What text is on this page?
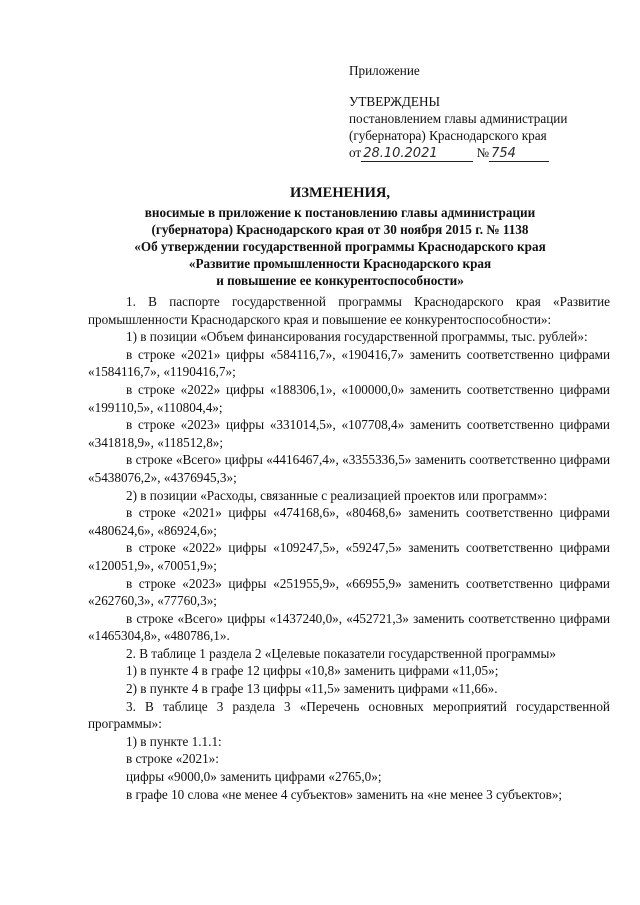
Приложение
УТВЕРЖДЕНЫ
постановлением главы администрации
(губернатора) Краснодарского края
от 28.10.2021	№ 754
ИЗМЕНЕНИЯ,
вносимые в приложение к постановлению главы администрации
(губернатора) Краснодарского края от 30 ноября 2015 г. № 1138
«Об утверждении государственной программы Краснодарского края
«Развитие промышленности Краснодарского края
и повышение ее конкурентоспособности»

1. В паспорте государственной программы Краснодарского края «Развитие промышленности Краснодарского края и повышение ее конкурентоспособности»:

1) в позиции «Объем финансирования государственной программы, тыс. рублей»:

в строке «2021» цифры «584116,7», «190416,7» заменить соответственно цифрами «1584116,7», «1190416,7»;

в строке «2022» цифры «188306,1», «100000,0» заменить соответственно цифрами «199110,5», «110804,4»;

в строке «2023» цифры «331014,5», «107708,4» заменить соответственно цифрами «341818,9», «118512,8»;

в строке «Всего» цифры «4416467,4», «3355336,5» заменить соответственно цифрами «5438076,2», «4376945,3»;

2) в позиции «Расходы, связанные с реализацией проектов или программ»:

в строке «2021» цифры «474168,6», «80468,6» заменить соответственно цифрами «480624,6», «86924,6»;

в строке «2022» цифры «109247,5», «59247,5» заменить соответственно цифрами «120051,9», «70051,9»;

в строке «2023» цифры «251955,9», «66955,9» заменить соответственно цифрами «262760,3», «77760,3»;

в строке «Всего» цифры «1437240,0», «452721,3» заменить соответственно цифрами «1465304,8», «480786,1».

2. В таблице 1 раздела 2 «Целевые показатели государственной программы»

1) в пункте 4 в графе 12 цифры «10,8» заменить цифрами «11,05»;

2) в пункте 4 в графе 13 цифры «11,5» заменить цифрами «11,66».

3. В таблице 3 раздела 3 «Перечень основных мероприятий государственной программы»:

1) в пункте 1.1.1:

в строке «2021»:

цифры «9000,0» заменить цифрами «2765,0»;

в графе 10 слова «не менее 4 субъектов» заменить на «не менее 3 субъектов»;
